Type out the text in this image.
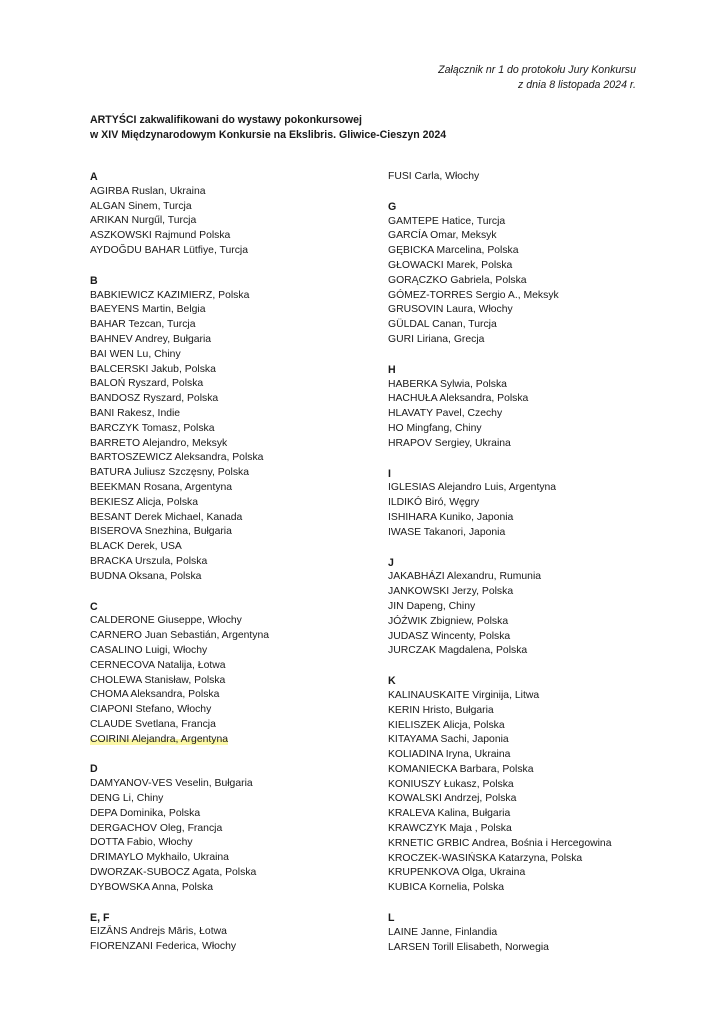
Załącznik nr 1 do protokołu Jury Konkursu
z dnia 8 listopada 2024 r.
ARTYŚCI zakwalifikowani do wystawy pokonkursowej
w XIV Międzynarodowym Konkursie na Ekslibris. Gliwice-Cieszyn 2024
A
AGIRBA Ruslan, Ukraina
ALGAN Sinem, Turcja
ARIKAN Nurgűl, Turcja
ASZKOWSKI Rajmund Polska
AYDOĞDU BAHAR Lütfiye, Turcja
B
BABKIEWICZ KAZIMIERZ, Polska
BAEYENS Martin, Belgia
BAHAR Tezcan, Turcja
BAHNEV Andrey, Bułgaria
BAI WEN Lu, Chiny
BALCERSKI Jakub, Polska
BALOŃ Ryszard, Polska
BANDOSZ Ryszard, Polska
BANI Rakesz, Indie
BARCZYK Tomasz, Polska
BARRETO Alejandro, Meksyk
BARTOSZEWICZ Aleksandra, Polska
BATURA Juliusz Szczęsny, Polska
BEEKMAN Rosana, Argentyna
BEKIESZ Alicja, Polska
BESANT Derek Michael, Kanada
BISEROVA Snezhina, Bułgaria
BLACK Derek, USA
BRACKA Urszula, Polska
BUDNA Oksana, Polska
C
CALDERONE Giuseppe, Włochy
CARNERO Juan Sebastián, Argentyna
CASALINO Luigi, Włochy
CERNECOVA Natalija, Łotwa
CHOLEWA Stanisław, Polska
CHOMA Aleksandra, Polska
CIAPONI Stefano, Włochy
CLAUDE Svetlana, Francja
COIRINI Alejandra, Argentyna
D
DAMYANOV-VES Veselin, Bułgaria
DENG Li, Chiny
DEPA Dominika, Polska
DERGACHOV Oleg, Francja
DOTTA Fabio, Włochy
DRIMAYLO Mykhailo, Ukraina
DWORZAK-SUBOCZ Agata, Polska
DYBOWSKA Anna, Polska
E, F
EIZĀNS Andrejs Māris, Łotwa
FIORENZANI Federica, Włochy
FUSI Carla, Włochy
G
GAMTEPE Hatice, Turcja
GARCÍA Omar, Meksyk
GĘBICKA Marcelina, Polska
GŁOWACKI Marek, Polska
GORĄCZKO Gabriela, Polska
GÓMEZ-TORRES Sergio A., Meksyk
GRUSOVIN Laura, Włochy
GÜLDAL Canan, Turcja
GURI Liriana, Grecja
H
HABERKA Sylwia, Polska
HACHUŁA Aleksandra, Polska
HLAVATY Pavel, Czechy
HO Mingfang, Chiny
HRAPOV Sergiey, Ukraina
I
IGLESIAS Alejandro Luis, Argentyna
ILDIKÓ Biró, Węgry
ISHIHARA Kuniko, Japonia
IWASE Takanori, Japonia
J
JAKABHÁZI Alexandru, Rumunia
JANKOWSKI Jerzy, Polska
JIN Dapeng, Chiny
JÓŹWIK Zbigniew, Polska
JUDASZ Wincenty, Polska
JURCZAK Magdalena, Polska
K
KALINAUSKAITE Virginija, Litwa
KERIN Hristo, Bułgaria
KIELISZEK Alicja, Polska
KITAYAMA Sachi, Japonia
KOLIADINA Iryna, Ukraina
KOMANIECKA Barbara, Polska
KONIUSZY Łukasz, Polska
KOWALSKI Andrzej, Polska
KRALEVA Kalina, Bułgaria
KRAWCZYK Maja , Polska
KRNETIC GRBIC Andrea, Bośnia i Hercegowina
KROCZEK-WASIŃSKA Katarzyna, Polska
KRUPENKOVA Olga, Ukraina
KUBICA Kornelia, Polska
L
LAINE Janne, Finlandia
LARSEN Torill Elisabeth, Norwegia
